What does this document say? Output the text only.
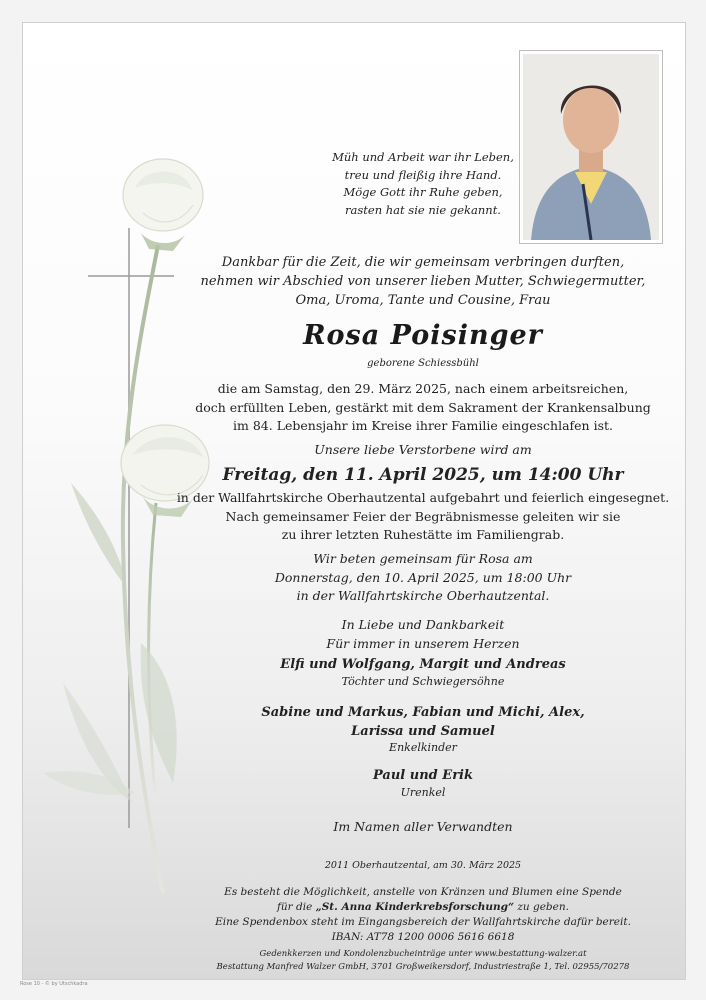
Müh und Arbeit war ihr Leben,
treu und fleißig ihre Hand.
Möge Gott ihr Ruhe geben,
rasten hat sie nie gekannt.
Dankbar für die Zeit, die wir gemeinsam verbringen durften,
nehmen wir Abschied von unserer lieben Mutter, Schwiegermutter,
Oma, Uroma, Tante und Cousine, Frau
Rosa Poisinger
geborene Schiessbühl
die am Samstag, den 29. März 2025, nach einem arbeitsreichen,
doch erfüllten Leben, gestärkt mit dem Sakrament der Krankensalbung
im 84. Lebensjahr im Kreise ihrer Familie eingeschlafen ist.
Unsere liebe Verstorbene wird am
Freitag, den 11. April 2025, um 14:00 Uhr
in der Wallfahrtskirche Oberhautzental aufgebahrt und feierlich eingesegnet.
Nach gemeinsamer Feier der Begräbnismesse geleiten wir sie
zu ihrer letzten Ruhestätte im Familiengrab.
Wir beten gemeinsam für Rosa am
Donnerstag, den 10. April 2025, um 18:00 Uhr
in der Wallfahrtskirche Oberhautzental.
In Liebe und Dankbarkeit
Für immer in unserem Herzen
Elfi und Wolfgang, Margit und Andreas
Töchter und Schwiegersöhne
Sabine und Markus, Fabian und Michi, Alex,
Larissa und Samuel
Enkelkinder
Paul und Erik
Urenkel
Im Namen aller Verwandten
2011 Oberhautzental, am 30. März 2025
Es besteht die Möglichkeit, anstelle von Kränzen und Blumen eine Spende
für die „St. Anna Kinderkrebsforschung“ zu geben.
Eine Spendenbox steht im Eingangsbereich der Wallfahrtskirche dafür bereit.
IBAN: AT78 1200 0006 5616 6618
Gedenkkerzen und Kondolenzbucheinträge unter www.bestattung-walzer.at
Bestattung Manfred Walzer GmbH, 3701 Großweikersdorf, Industriestraße 1, Tel. 02955/70278
Rose 10 - © by Utschkadra
